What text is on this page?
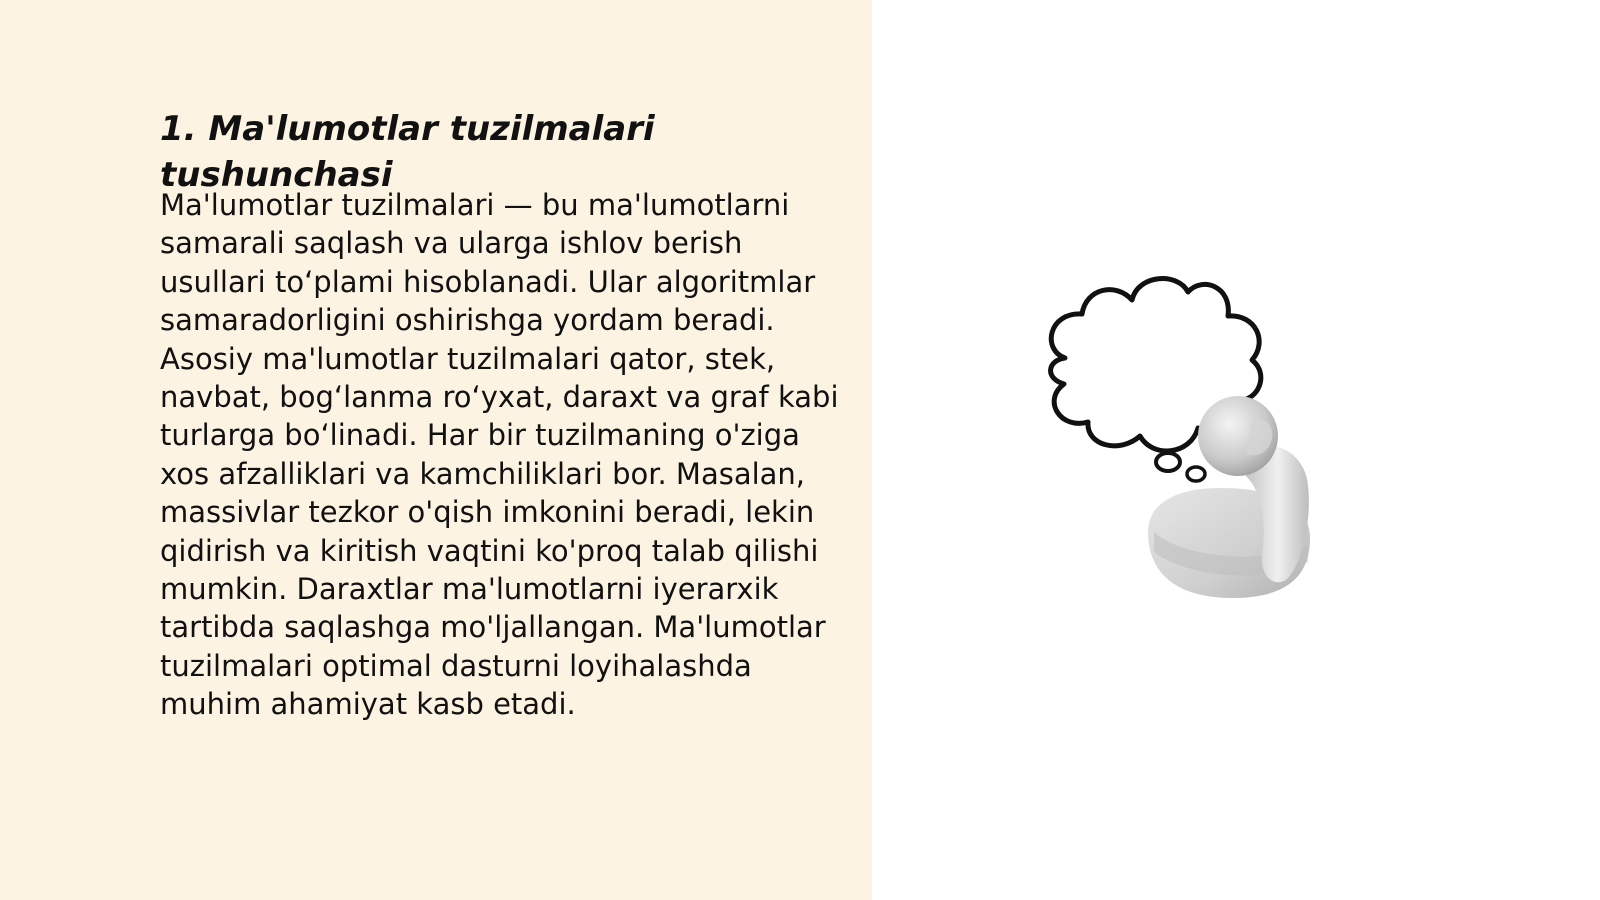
1. Ma'lumotlar tuzilmalari tushunchasi

Ma'lumotlar tuzilmalari — bu ma'lumotlarni samarali saqlash va ularga ishlov berish usullari toʻplami hisoblanadi. Ular algoritmlar samaradorligini oshirishga yordam beradi. Asosiy ma'lumotlar tuzilmalari qator, stek, navbat, bogʻlanma roʻyxat, daraxt va graf kabi turlarga boʻlinadi. Har bir tuzilmaning o'ziga xos afzalliklari va kamchiliklari bor. Masalan, massivlar tezkor o'qish imkonini beradi, lekin qidirish va kiritish vaqtini ko'proq talab qilishi mumkin. Daraxtlar ma'lumotlarni iyerarxik tartibda saqlashga mo'ljallangan. Ma'lumotlar tuzilmalari optimal dasturni loyihalashda muhim ahamiyat kasb etadi.
